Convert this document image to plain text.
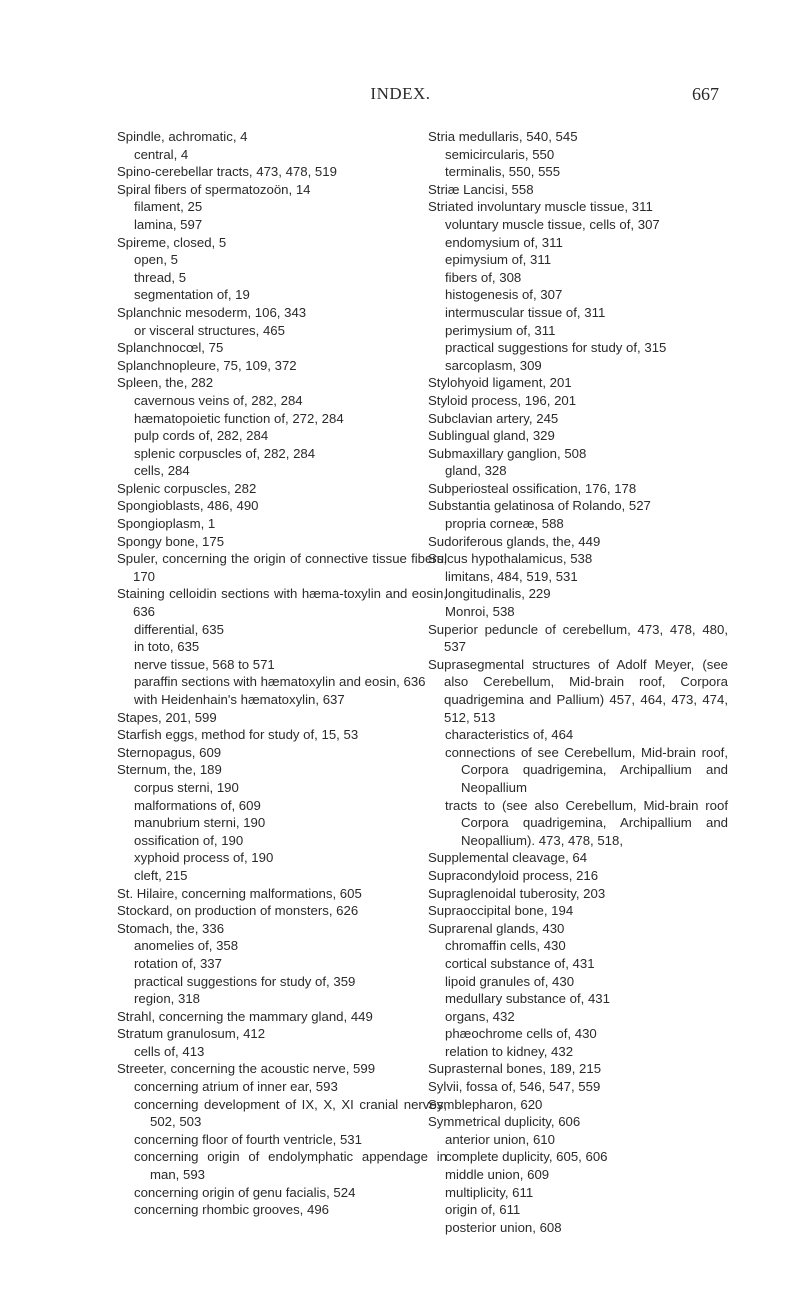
INDEX.	667
Spindle, achromatic, 4
central, 4
Spino-cerebellar tracts, 473, 478, 519
Spiral fibers of spermatozoön, 14
filament, 25
lamina, 597
Spireme, closed, 5
open, 5
thread, 5
segmentation of, 19
Splanchnic mesoderm, 106, 343
or visceral structures, 465
Splanchnocœl, 75
Splanchnopleure, 75, 109, 372
Spleen, the, 282
cavernous veins of, 282, 284
hæmatopoietic function of, 272, 284
pulp cords of, 282, 284
splenic corpuscles of, 282, 284
cells, 284
Splenic corpuscles, 282
Spongioblasts, 486, 490
Spongioplasm, 1
Spongy bone, 175
Spuler, concerning the origin of connective tissue fibers, 170
Staining celloidin sections with hæma-toxylin and eosin, 636
differential, 635
in toto, 635
nerve tissue, 568 to 571
paraffin sections with hæmatoxylin and eosin, 636
with Heidenhain's hæmatoxylin, 637
Stapes, 201, 599
Starfish eggs, method for study of, 15, 53
Sternopagus, 609
Sternum, the, 189
corpus sterni, 190
malformations of, 609
manubrium sterni, 190
ossification of, 190
xyphoid process of, 190
cleft, 215
St. Hilaire, concerning malformations, 605
Stockard, on production of monsters, 626
Stomach, the, 336
anomelies of, 358
rotation of, 337
practical suggestions for study of, 359
region, 318
Strahl, concerning the mammary gland, 449
Stratum granulosum, 412
cells of, 413
Streeter, concerning the acoustic nerve, 599
concerning atrium of inner ear, 593
concerning development of IX, X, XI cranial nerves, 502, 503
concerning floor of fourth ventricle, 531
concerning origin of endolymphatic appendage in man, 593
concerning origin of genu facialis, 524
concerning rhombic grooves, 496
Stria medullaris, 540, 545
semicircularis, 550
terminalis, 550, 555
Striæ Lancisi, 558
Striated involuntary muscle tissue, 311
voluntary muscle tissue, cells of, 307
endomysium of, 311
epimysium of, 311
fibers of, 308
histogenesis of, 307
intermuscular tissue of, 311
perimysium of, 311
practical suggestions for study of, 315
sarcoplasm, 309
Stylohyoid ligament, 201
Styloid process, 196, 201
Subclavian artery, 245
Sublingual gland, 329
Submaxillary ganglion, 508
gland, 328
Subperiosteal ossification, 176, 178
Substantia gelatinosa of Rolando, 527
propria corneæ, 588
Sudoriferous glands, the, 449
Sulcus hypothalamicus, 538
limitans, 484, 519, 531
longitudinalis, 229
Monroi, 538
Superior peduncle of cerebellum, 473, 478, 480, 537
Suprasegmental structures of Adolf Meyer, (see also Cerebellum, Mid-brain roof, Corpora quadrigemina and Pallium) 457, 464, 473, 474, 512, 513
characteristics of, 464
connections of see Cerebellum, Mid-brain roof, Corpora quadrigemina, Archipallium and Neopallium
tracts to (see also Cerebellum, Mid-brain roof Corpora quadrigemina, Archipallium and Neopallium). 473, 478, 518,
Supplemental cleavage, 64
Supracondyloid process, 216
Supraglenoidal tuberosity, 203
Supraoccipital bone, 194
Suprarenal glands, 430
chromaffin cells, 430
cortical substance of, 431
lipoid granules of, 430
medullary substance of, 431
organs, 432
phæochrome cells of, 430
relation to kidney, 432
Suprasternal bones, 189, 215
Sylvii, fossa of, 546, 547, 559
Symblepharon, 620
Symmetrical duplicity, 606
anterior union, 610
complete duplicity, 605, 606
middle union, 609
multiplicity, 611
origin of, 611
posterior union, 608
